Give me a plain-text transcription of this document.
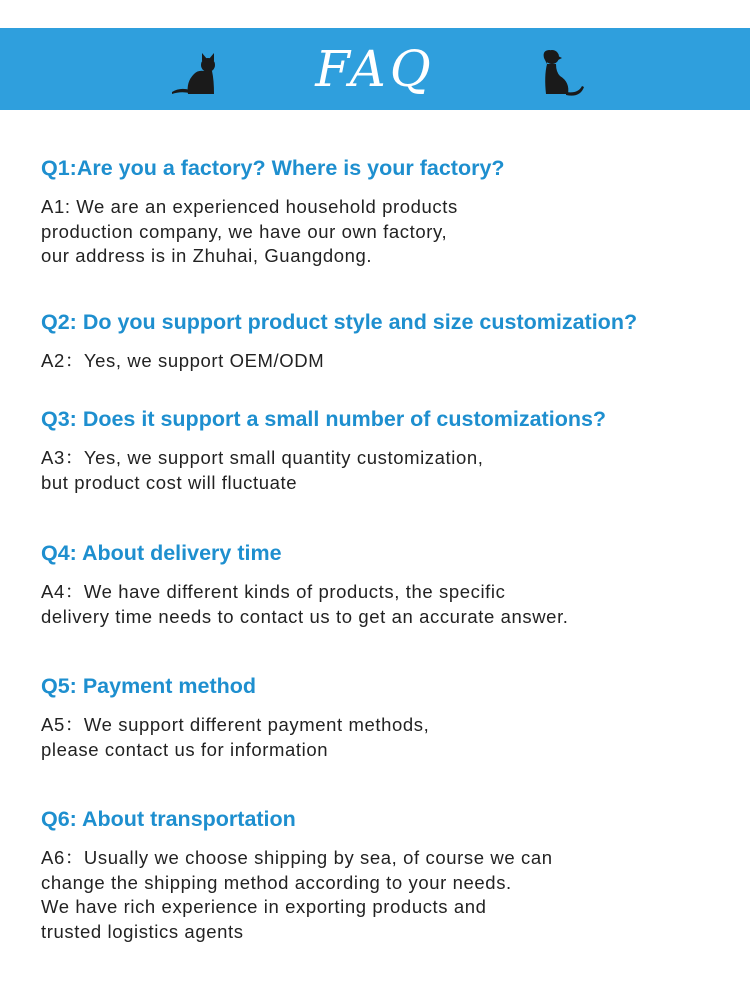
FAQ

Q1:Are you a factory? Where is your factory?

A1: We are an experienced household products
production company, we have our own factory,
our address is in Zhuhai, Guangdong.

Q2: Do you support product style and size customization?

A2：Yes, we support OEM/ODM

Q3: Does it support a small number of customizations?

A3：Yes, we support small quantity customization,
but product cost will fluctuate

Q4: About delivery time

A4：We have different kinds of products, the specific
delivery time needs to contact us to get an accurate answer.

Q5: Payment method

A5：We support different payment methods,
please contact us for information

Q6: About transportation

A6：Usually we choose shipping by sea, of course we can
change the shipping method according to your needs.
We have rich experience in exporting products and
trusted logistics agents
